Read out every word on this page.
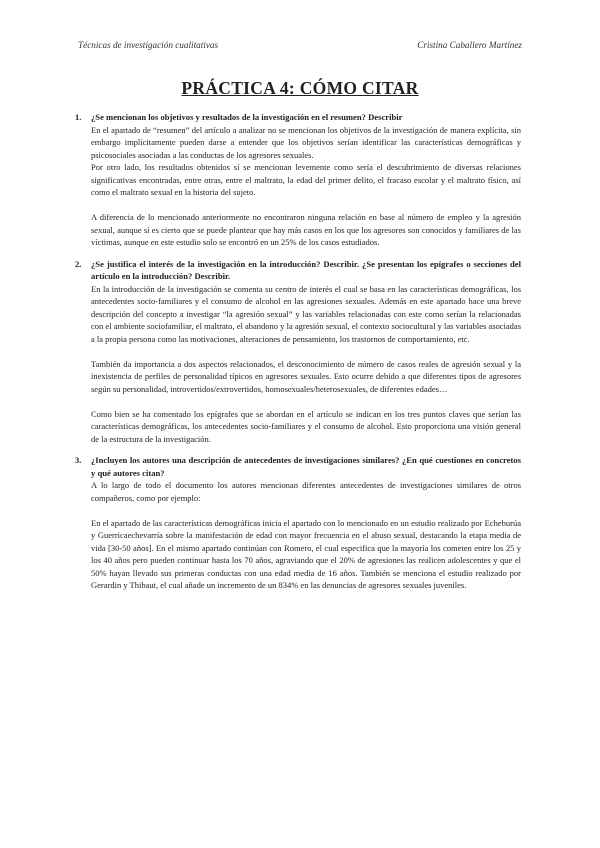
Técnicas de investigación cualitativas	Cristina Caballero Martínez
PRÁCTICA 4: CÓMO CITAR
1. ¿Se mencionan los objetivos y resultados de la investigación en el resumen? Describir

En el apartado de “resumen” del artículo a analizar no se mencionan los objetivos de la investigación de manera explícita, sin embargo implícitamente pueden darse a entender que los objetivos serían identificar las características demográficas y psicosociales asociadas a las conductas de los agresores sexuales.

Por otro lado, los resultados obtenidos sí se mencionan levemente como sería el descubrimiento de diversas relaciones significativas encontradas, entre otras, entre el maltrato, la edad del primer delito, el fracaso escolar y el maltrato físico, así como el maltrato sexual en la historia del sujeto.

A diferencia de lo mencionado anteriormente no encontraron ninguna relación en base al número de empleo y la agresión sexual, aunque sí es cierto que se puede plantear que hay más casos en los que los agresores son conocidos y familiares de las víctimas, aunque en este estudio solo se encontró en un 25% de los casos estudiados.

2. ¿Se justifica el interés de la investigación en la introducción? Describir. ¿Se presentan los epígrafes o secciones del artículo en la introducción? Describir.

En la introducción de la investigación se comenta su centro de interés el cual se basa en las características demográficas, los antecedentes socio-familiares y el consumo de alcohol en las agresiones sexuales. Además en este apartado hace una breve descripción del concepto a investigar “la agresión sexual” y las variables relacionadas con este como serían la relacionadas con el ambiente sociofamiliar, el maltrato, el abandono y la agresión sexual, el contexto sociocultural y las variables asociadas a la propia persona como las motivaciones, alteraciones de pensamiento, los trastornos de comportamiento, etc.

También da importancia a dos aspectos relacionados, el desconocimiento de número de casos reales de agresión sexual y la inexistencia de perfiles de personalidad típicos en agresores sexuales. Esto ocurre debido a que diferentes tipos de agresores según su personalidad, introvertidos/extrovertidos, homosexuales/heterosexuales, de diferentes edades…

Como bien se ha comentado los epígrafes que se abordan en el artículo se indican en los tres puntos claves que serían las características demográficas, los antecedentes socio-familiares y el consumo de alcohol. Esto proporciona una visión general de la estructura de la investigación.

3. ¿Incluyen los autores una descripción de antecedentes de investigaciones similares? ¿En qué cuestiones en concretos y qué autores citan?

A lo largo de todo el documento los autores mencionan diferentes antecedentes de investigaciones similares de otros compañeros, como por ejemplo:

En el apartado de las características demográficas inicia el apartado con lo mencionado en un estudio realizado por Echeburúa y Guerricaechevarría sobre la manifestación de edad con mayor frecuencia en el abuso sexual, destacando la etapa media de vida [30-50 años]. En el mismo apartado continúan con Romero, el cual especifica que la mayoría los cometen entre los 25 y los 40 años pero pueden continuar hasta los 70 años, agraviando que el 20% de agresiones las realicen adolescentes y que el 50% hayan llevado sus primeras conductas con una edad media de 16 años. También se menciona el estudio realizado por Gerardin y Thibaut, el cual añade un incremento de un 834% en las denuncias de agresores sexuales juveniles.
